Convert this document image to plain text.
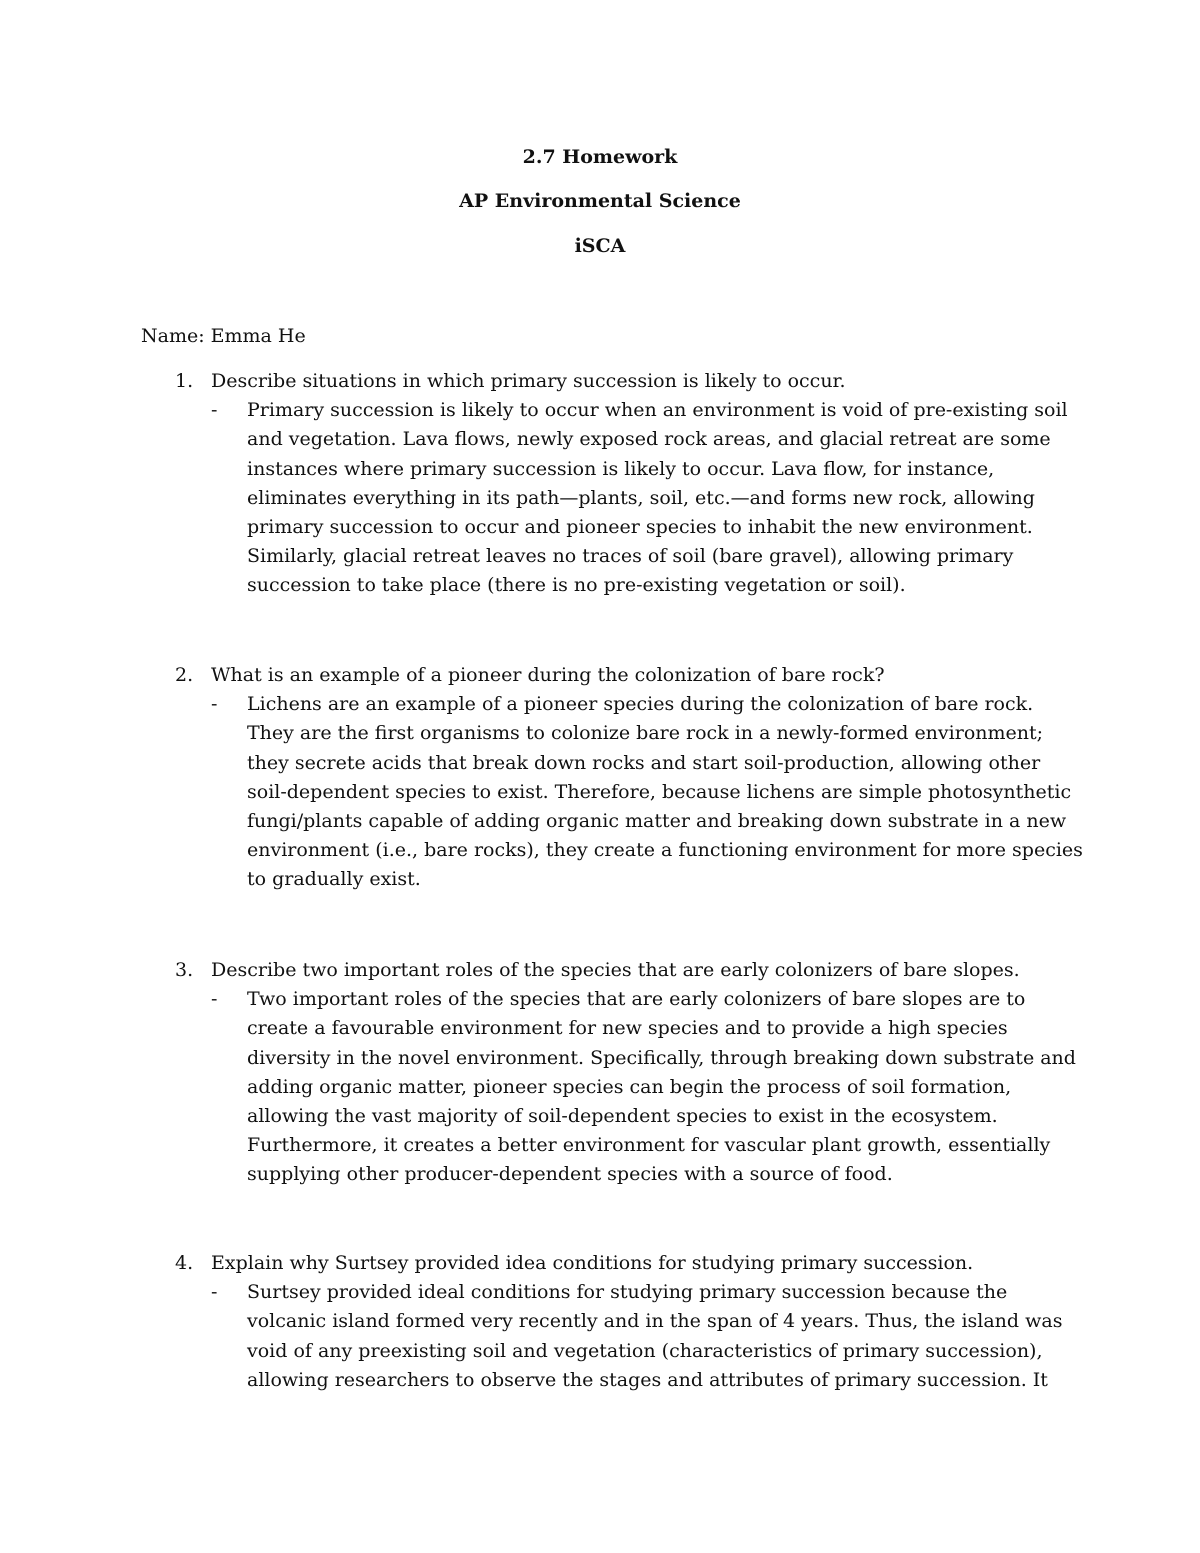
2.7 Homework
AP Environmental Science
iSCA
Name: Emma He
1. Describe situations in which primary succession is likely to occur.
- Primary succession is likely to occur when an environment is void of pre-existing soil
and vegetation. Lava flows, newly exposed rock areas, and glacial retreat are some
instances where primary succession is likely to occur. Lava flow, for instance,
eliminates everything in its path—plants, soil, etc.—and forms new rock, allowing
primary succession to occur and pioneer species to inhabit the new environment.
Similarly, glacial retreat leaves no traces of soil (bare gravel), allowing primary
succession to take place (there is no pre-existing vegetation or soil).
2. What is an example of a pioneer during the colonization of bare rock?
- Lichens are an example of a pioneer species during the colonization of bare rock.
They are the first organisms to colonize bare rock in a newly-formed environment;
they secrete acids that break down rocks and start soil-production, allowing other
soil-dependent species to exist. Therefore, because lichens are simple photosynthetic
fungi/plants capable of adding organic matter and breaking down substrate in a new
environment (i.e., bare rocks), they create a functioning environment for more species
to gradually exist.
3. Describe two important roles of the species that are early colonizers of bare slopes.
- Two important roles of the species that are early colonizers of bare slopes are to
create a favourable environment for new species and to provide a high species
diversity in the novel environment. Specifically, through breaking down substrate and
adding organic matter, pioneer species can begin the process of soil formation,
allowing the vast majority of soil-dependent species to exist in the ecosystem.
Furthermore, it creates a better environment for vascular plant growth, essentially
supplying other producer-dependent species with a source of food.
4. Explain why Surtsey provided idea conditions for studying primary succession.
- Surtsey provided ideal conditions for studying primary succession because the
volcanic island formed very recently and in the span of 4 years. Thus, the island was
void of any preexisting soil and vegetation (characteristics of primary succession),
allowing researchers to observe the stages and attributes of primary succession. It
